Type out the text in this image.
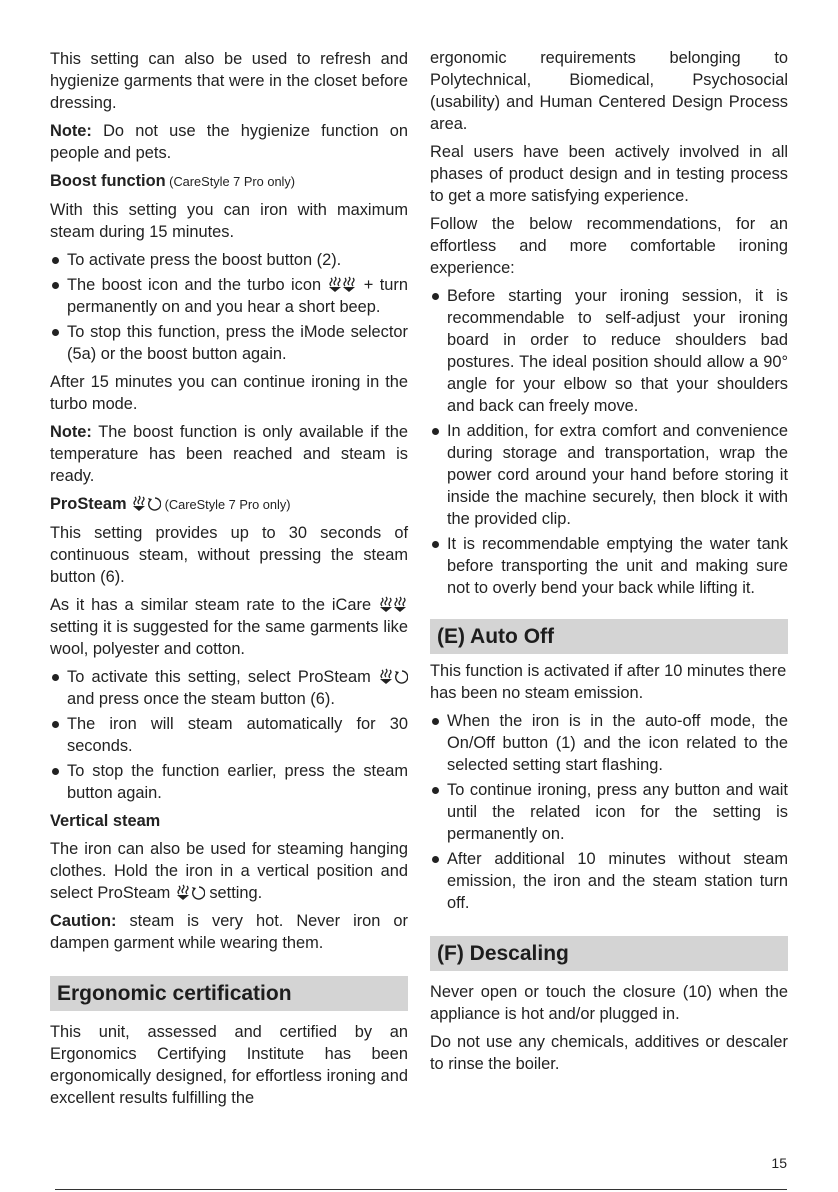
This setting can also be used to refresh and hygienize garments that were in the closet before dressing.

Note: Do not use the hygienize function on people and pets.

Boost function (CareStyle 7 Pro only)

With this setting you can iron with maximum steam during 15 minutes.

To activate press the boost button (2).
The boost icon and the turbo icon
+ turn permanently on and you hear a short beep.
To stop this function, press the iMode selector (5a) or the boost button again.

After 15 minutes you can continue ironing in the turbo mode.

Note: The boost function is only available if the temperature has been reached and steam is ready.

ProSteam	(CareStyle 7 Pro only)

This setting provides up to 30 seconds of continuous steam, without pressing the steam button (6).

As it has a similar steam rate to the iCare
setting it is suggested for the same garments like wool, polyester and cotton.

To activate this setting, select ProSteam
and press once the steam button (6).
The iron will steam automatically for 30 seconds.
To stop the function earlier, press the steam button again.

Vertical steam

The iron can also be used for steaming hanging clothes. Hold the iron in a vertical position and select ProSteam
setting.

Caution: steam is very hot. Never iron or dampen garment while wearing them.

Ergonomic certification

This unit, assessed and certified by an Ergonomics Certifying Institute has been ergonomically designed, for effortless ironing and excellent results fulfilling the

ergonomic requirements belonging to Polytechnical, Biomedical, Psychosocial (usability) and Human Centered Design Process area.

Real users have been actively involved in all phases of product design and in testing process to get a more satisfying experience.

Follow the below recommendations, for an effortless and more comfortable ironing experience:

Before starting your ironing session, it is recommendable to self-adjust your ironing board in order to reduce shoulders bad postures. The ideal position should allow a 90° angle for your elbow so that your shoulders and back can freely move.
In addition, for extra comfort and convenience during storage and transportation, wrap the power cord around your hand before storing it inside the machine securely, then block it with the provided clip.
It is recommendable emptying the water tank before transporting the unit and making sure not to overly bend your back while lifting it.
(E) Auto Off

This function is activated if after 10 minutes there has been no steam emission.

When the iron is in the auto-off mode, the On/Off button (1) and the icon related to the selected setting start flashing.
To continue ironing, press any button and wait until the related icon for the setting is permanently on.
After additional 10 minutes without steam emission, the iron and the steam station turn off.
(F) Descaling

Never open or touch the closure (10) when the appliance is hot and/or plugged in.

Do not use any chemicals, additives or descaler to rinse the boiler.

15
